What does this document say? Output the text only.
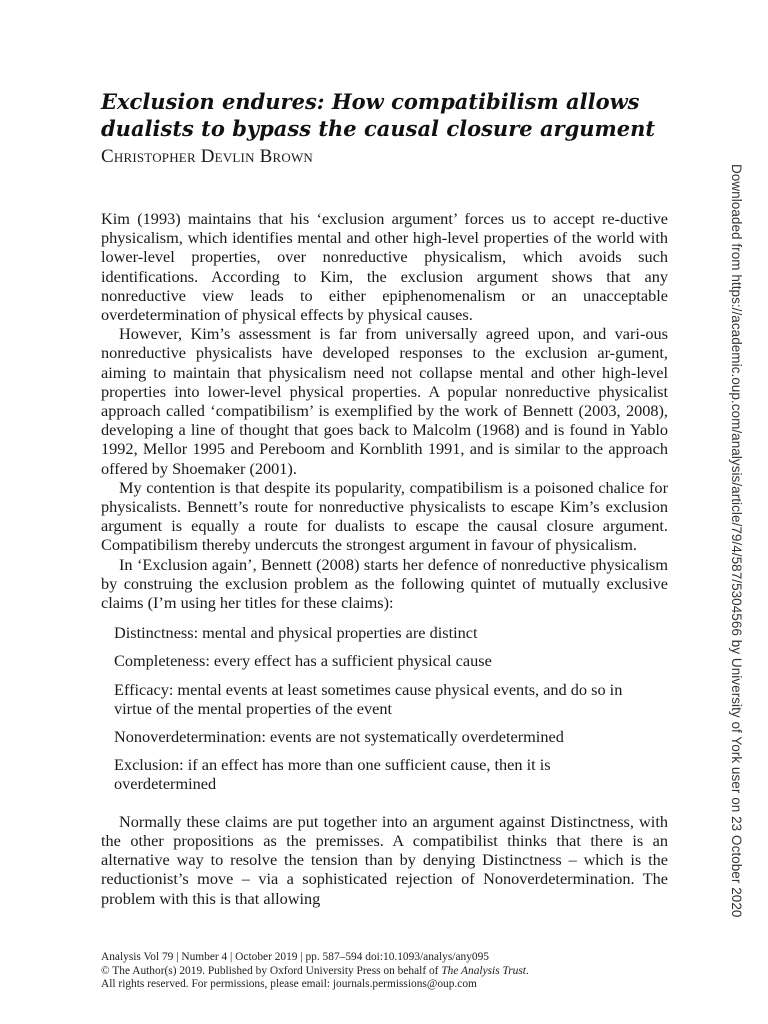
Exclusion endures: How compatibilism allows
dualists to bypass the causal closure argument
Christopher Devlin Brown

Kim (1993) maintains that his ‘exclusion argument’ forces us to accept re-ductive physicalism, which identifies mental and other high-level properties of the world with lower-level properties, over nonreductive physicalism, which avoids such identifications. According to Kim, the exclusion argument shows that any nonreductive view leads to either epiphenomenalism or an unacceptable overdetermination of physical effects by physical causes.

However, Kim’s assessment is far from universally agreed upon, and vari-ous nonreductive physicalists have developed responses to the exclusion ar-gument, aiming to maintain that physicalism need not collapse mental and other high-level properties into lower-level physical properties. A popular nonreductive physicalist approach called ‘compatibilism’ is exemplified by the work of Bennett (2003, 2008), developing a line of thought that goes back to Malcolm (1968) and is found in Yablo 1992, Mellor 1995 and Pereboom and Kornblith 1991, and is similar to the approach offered by Shoemaker (2001).

My contention is that despite its popularity, compatibilism is a poisoned chalice for physicalists. Bennett’s route for nonreductive physicalists to escape Kim’s exclusion argument is equally a route for dualists to escape the causal closure argument. Compatibilism thereby undercuts the strongest argument in favour of physicalism.

In ‘Exclusion again’, Bennett (2008) starts her defence of nonreductive physicalism by construing the exclusion problem as the following quintet of mutually exclusive claims (I’m using her titles for these claims):

Distinctness: mental and physical properties are distinct
Completeness: every effect has a sufficient physical cause
Efficacy: mental events at least sometimes cause physical events, and do so in virtue of the mental properties of the event
Nonoverdetermination: events are not systematically overdetermined
Exclusion: if an effect has more than one sufficient cause, then it is overdetermined

Normally these claims are put together into an argument against Distinctness, with the other propositions as the premisses. A compatibilist thinks that there is an alternative way to resolve the tension than by denying Distinctness – which is the reductionist’s move – via a sophisticated rejection of Nonoverdetermination. The problem with this is that allowing

Analysis Vol 79 | Number 4 | October 2019 | pp. 587–594 doi:10.1093/analys/any095
© The Author(s) 2019. Published by Oxford University Press on behalf of The Analysis Trust.
All rights reserved. For permissions, please email: journals.permissions@oup.com
Downloaded from https://academic.oup.com/analysis/article/79/4/587/5304566 by University of York user on 23 October 2020
